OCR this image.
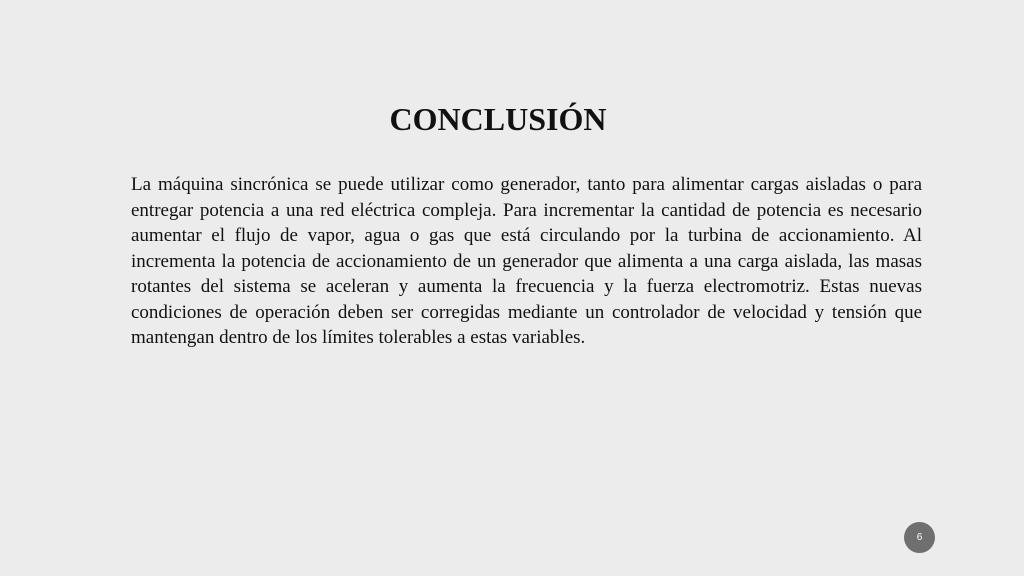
CONCLUSIÓN

La máquina sincrónica se puede utilizar como generador, tanto para alimentar cargas aisladas o para entregar potencia a una red eléctrica compleja. Para incrementar la cantidad de potencia es necesario aumentar el flujo de vapor, agua o gas que está circulando por la turbina de accionamiento. Al incrementa la potencia de accionamiento de un generador que alimenta a una carga aislada, las masas rotantes del sistema se aceleran y aumenta la frecuencia y la fuerza electromotriz. Estas nuevas condiciones de operación deben ser corregidas mediante un controlador de velocidad y tensión que mantengan dentro de los límites tolerables a estas variables.

6
